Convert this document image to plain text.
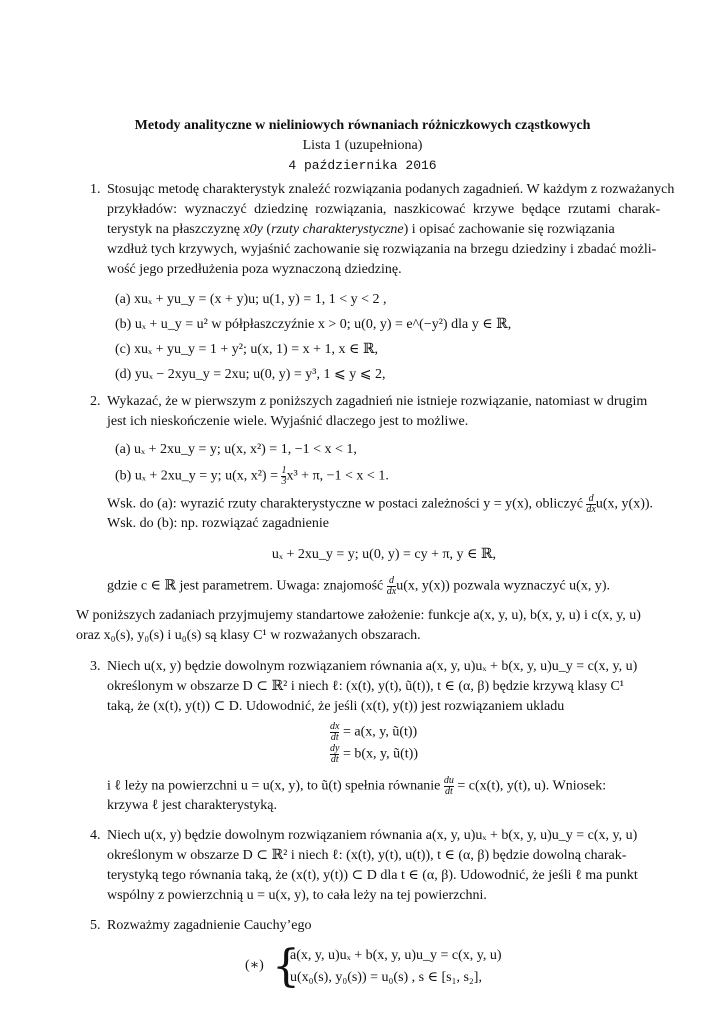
Metody analityczne w nieliniowych równaniach różniczkowych cząstkowych
Lista 1 (uzupełniona)
4 października 2016
1. Stosując metodę charakterystyk znaleźć rozwiązania podanych zagadnień. W każdym z rozważanych
przykładów: wyznaczyć dziedzinę rozwiązania, naszkicować krzywe będące rzutami charak-
terystyk na płaszczyznę x0y (rzuty charakterystyczne) i opisać zachowanie się rozwiązania
wzdłuż tych krzywych, wyjaśnić zachowanie się rozwiązania na brzegu dziedziny i zbadać możli-
wość jego przedłużenia poza wyznaczoną dziedzinę.
(a) xuₓ + yu_y = (x + y)u; u(1, y) = 1, 1 < y < 2 ,
(b) uₓ + u_y = u² w półpłaszczyźnie x > 0; u(0, y) = e^(−y²) dla y ∈ ℝ,
(c) xuₓ + yu_y = 1 + y²; u(x, 1) = x + 1, x ∈ ℝ,
(d) yuₓ − 2xyu_y = 2xu; u(0, y) = y³, 1 ⩽ y ⩽ 2,
2. Wykazać, że w pierwszym z poniższych zagadnień nie istnieje rozwiązanie, natomiast w drugim
jest ich nieskończenie wiele. Wyjaśnić dlaczego jest to możliwe.
(a) uₓ + 2xu_y = y; u(x, x²) = 1, −1 < x < 1,
(b) uₓ + 2xu_y = y; u(x, $x^2) = \frac{1}{3} x^3 + \pi$, −1 < x < 1.
Wsk. do (a): wyrazić rzuty charakterystyczne w postaci zależności y = y(x), obliczyć $\frac{d}{dx} u(x$, y(x)).
Wsk. do (b): np. rozwiązać zagadnienie
uₓ + 2xu_y = y; u(0, y) = cy + π, y ∈ ℝ,
gdzie c ∈ ℝ jest parametrem. Uwaga: znajomość $\frac{d}{dx} u(x$, y(x)) pozwala wyznaczyć u(x, y).
W poniższych zadaniach przyjmujemy standartowe założenie: funkcje a(x, y, u), b(x, y, u) i c(x, y, u)
oraz x₀(s), y₀(s) i u₀(s) są klasy C¹ w rozważanych obszarach.
3. Niech u(x, y) będzie dowolnym rozwiązaniem równania a(x, y, u)uₓ + b(x, y, u)u_y = c(x, y, u)
określonym w obszarze D ⊂ ℝ² i niech ℓ: (x(t), y(t), ũ(t)), t ∈ (α, β) będzie krzywą klasy C¹
taką, że (x(t), y(t)) ⊂ D. Udowodnić, że jeśli (x(t), y(t)) jest rozwiązaniem ukladu
$\frac{dx}{dt} = a(x$, y, ũ(t))
$\frac{dy}{dt} = b(x$, y, ũ(t))
i ℓ leży na powierzchni u = u(x, y), to ũ(t) spełnia równanie $\frac{du}{dt} = c(x(t)$, y(t), u). Wniosek:
krzywa ℓ jest charakterystyką.
4. Niech u(x, y) będzie dowolnym rozwiązaniem równania a(x, y, u)uₓ + b(x, y, u)u_y = c(x, y, u)
określonym w obszarze D ⊂ ℝ² i niech ℓ: (x(t), y(t), u(t)), t ∈ (α, β) będzie dowolną charak-
terystyką tego równania taką, że (x(t), y(t)) ⊂ D dla t ∈ (α, β). Udowodnić, że jeśli ℓ ma punkt
wspólny z powierzchnią u = u(x, y), to cała leży na tej powierzchni.
5. Rozważmy zagadnienie Cauchy’ego
(∗) {
a(x, y, u)uₓ + b(x, y, u)u_y = c(x, y, u)
u(x₀(s), y₀(s)) = u₀(s) , s ∈ [s₁, s₂],
